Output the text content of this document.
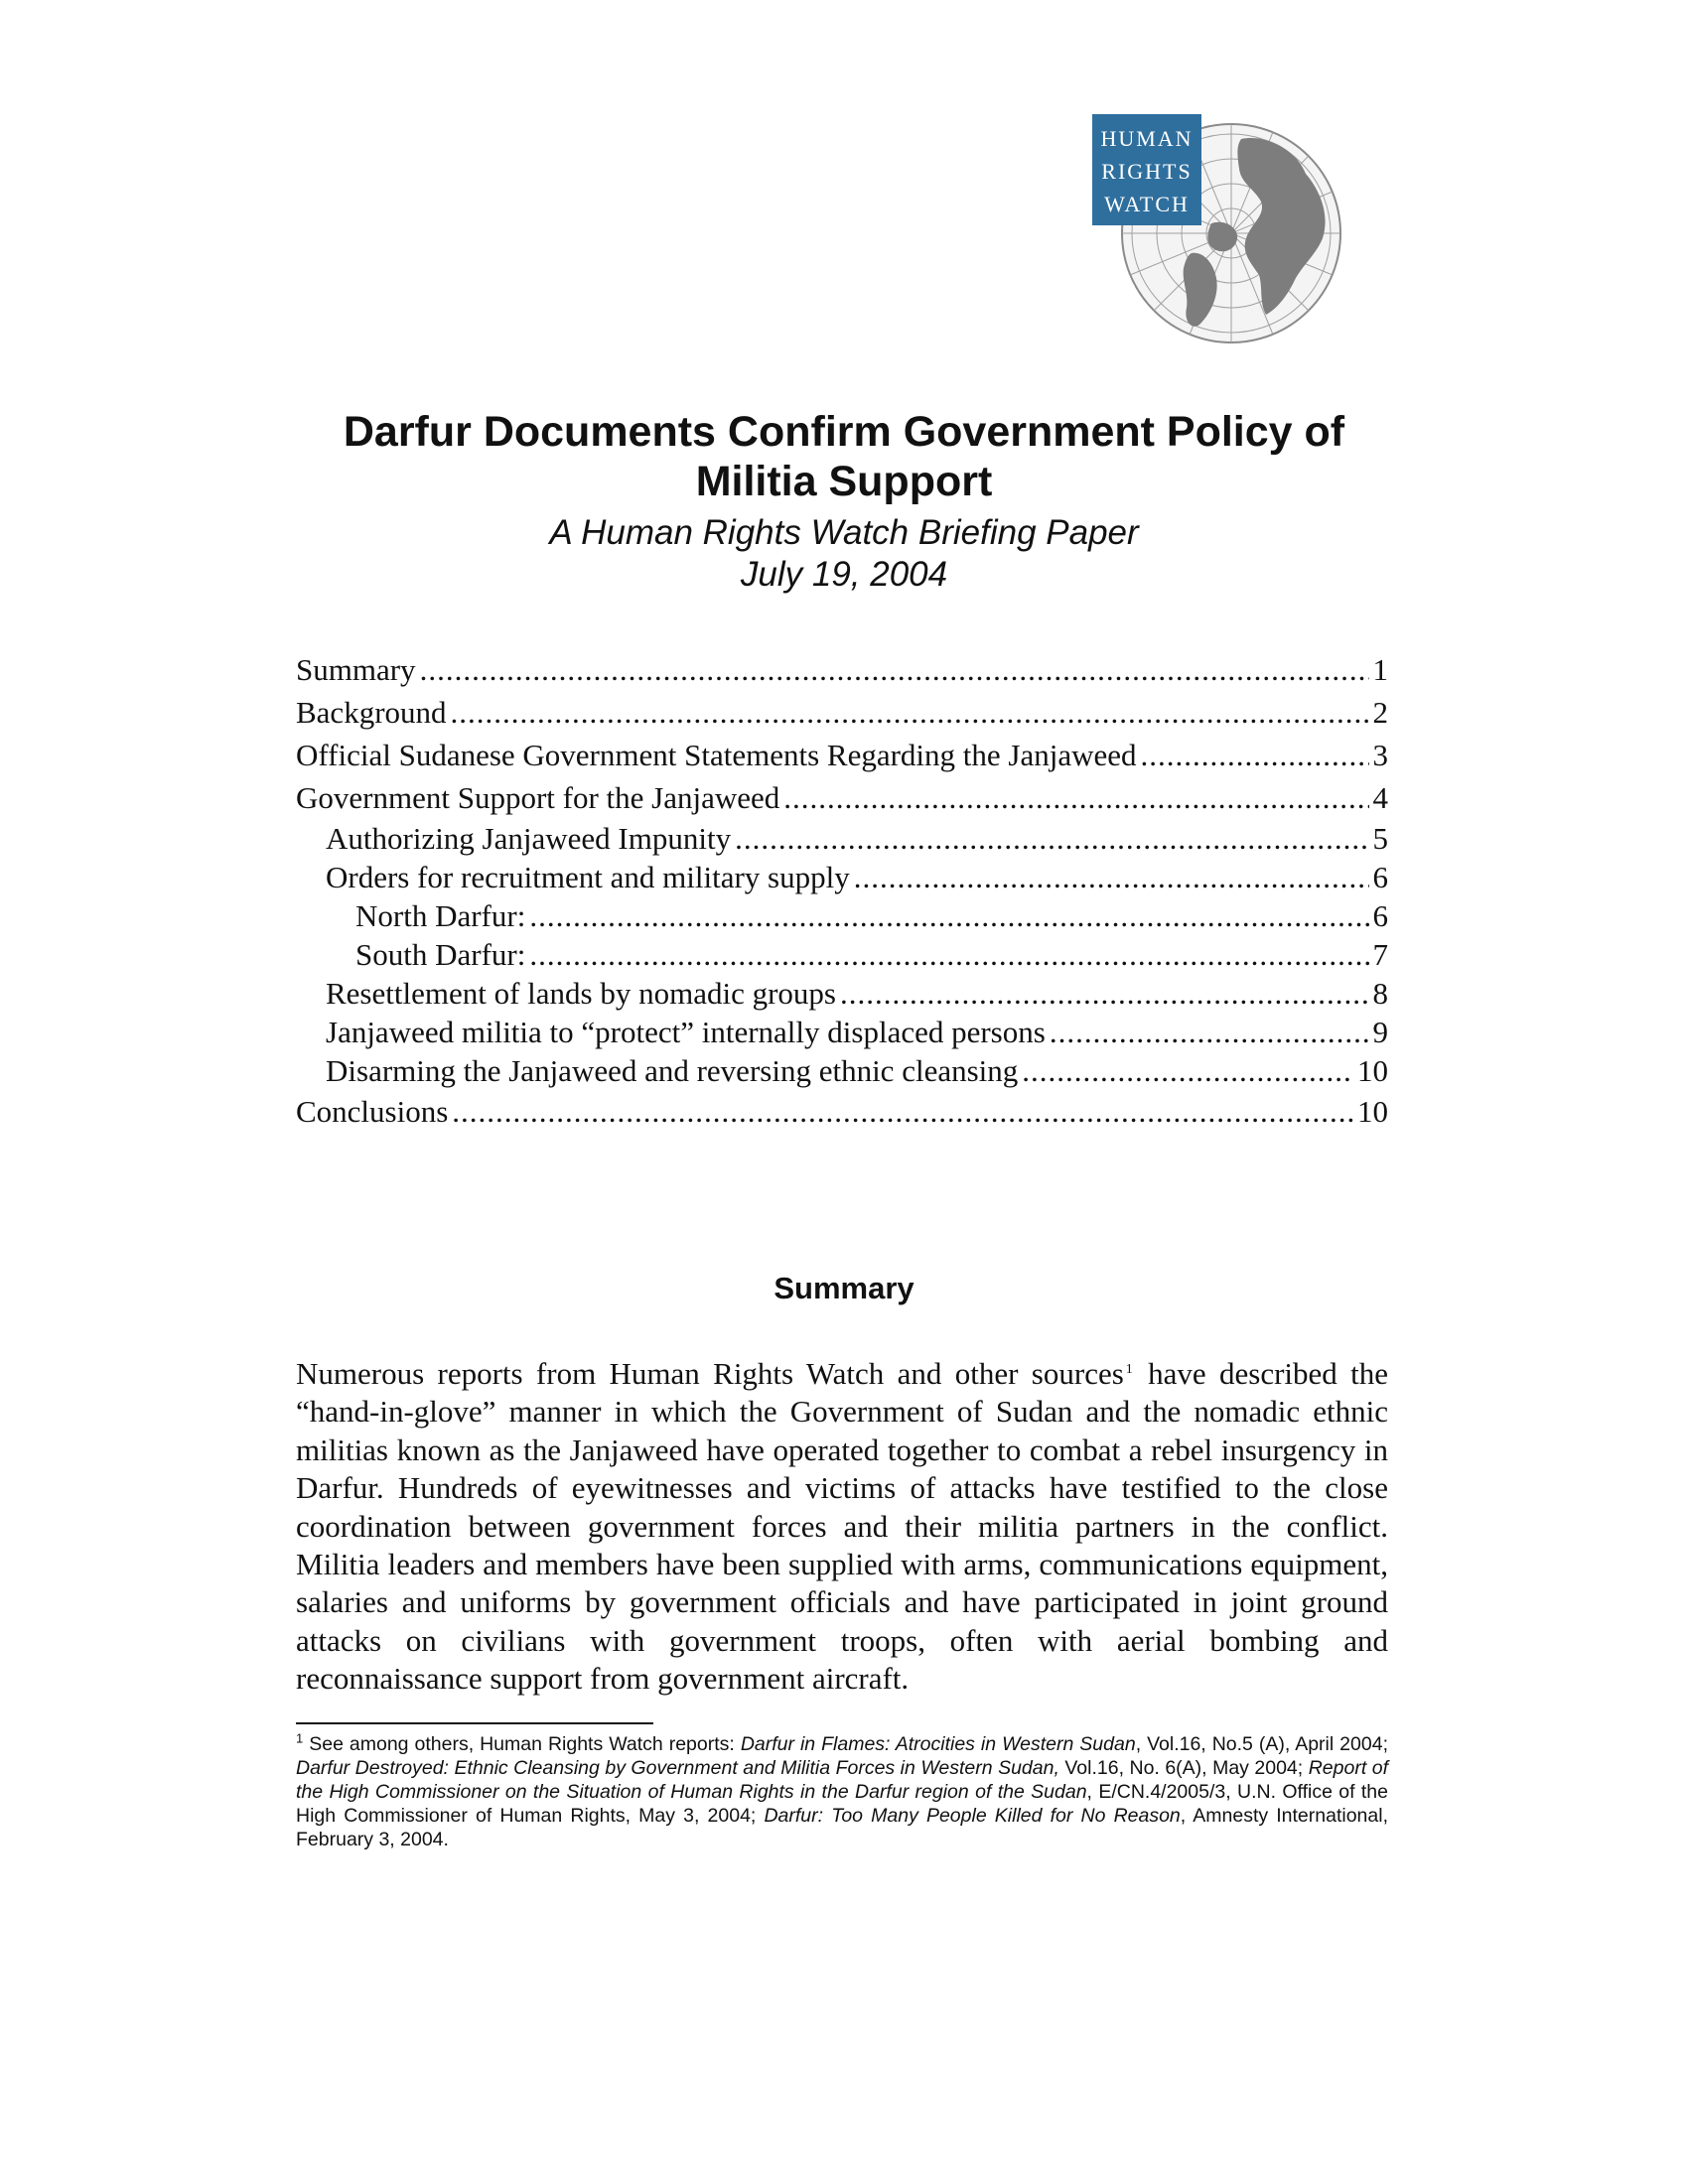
HUMAN
RIGHTS
WATCH

Darfur Documents Confirm Government Policy of

Militia Support

A Human Rights Watch Briefing Paper

July 19, 2004

Summary .....	1
Background .....	2
Official Sudanese Government Statements Regarding the Janjaweed .....	3
Government Support for the Janjaweed .....	4
Authorizing Janjaweed Impunity .....	5
Orders for recruitment and military supply .....	6
North Darfur: .....	6
South Darfur: .....	7
Resettlement of lands by nomadic groups .....	8
Janjaweed militia to “protect” internally displaced persons .....	9
Disarming the Janjaweed and reversing ethnic cleansing .....	10
Conclusions .....	10
Summary

Numerous reports from Human Rights Watch and other sources $^1$ have described the “hand-in-glove” manner in which the Government of Sudan and the nomadic ethnic militias known as the Janjaweed have operated together to combat a rebel insurgency in Darfur. Hundreds of eyewitnesses and victims of attacks have testified to the close coordination between government forces and their militia partners in the conflict. Militia leaders and members have been supplied with arms, communications equipment, salaries and uniforms by government officials and have participated in joint ground attacks on civilians with government troops, often with aerial bombing and reconnaissance support from government aircraft.

$^1$ See among others, Human Rights Watch reports: Darfur in Flames: Atrocities in Western Sudan, Vol.16, No.5 (A), April 2004; Darfur Destroyed: Ethnic Cleansing by Government and Militia Forces in Western Sudan, Vol.16, No. 6(A), May 2004; Report of the High Commissioner on the Situation of Human Rights in the Darfur region of the Sudan, E/CN.4/2005/3, U.N. Office of the High Commissioner of Human Rights, May 3, 2004; Darfur: Too Many People Killed for No Reason, Amnesty International, February 3, 2004.
